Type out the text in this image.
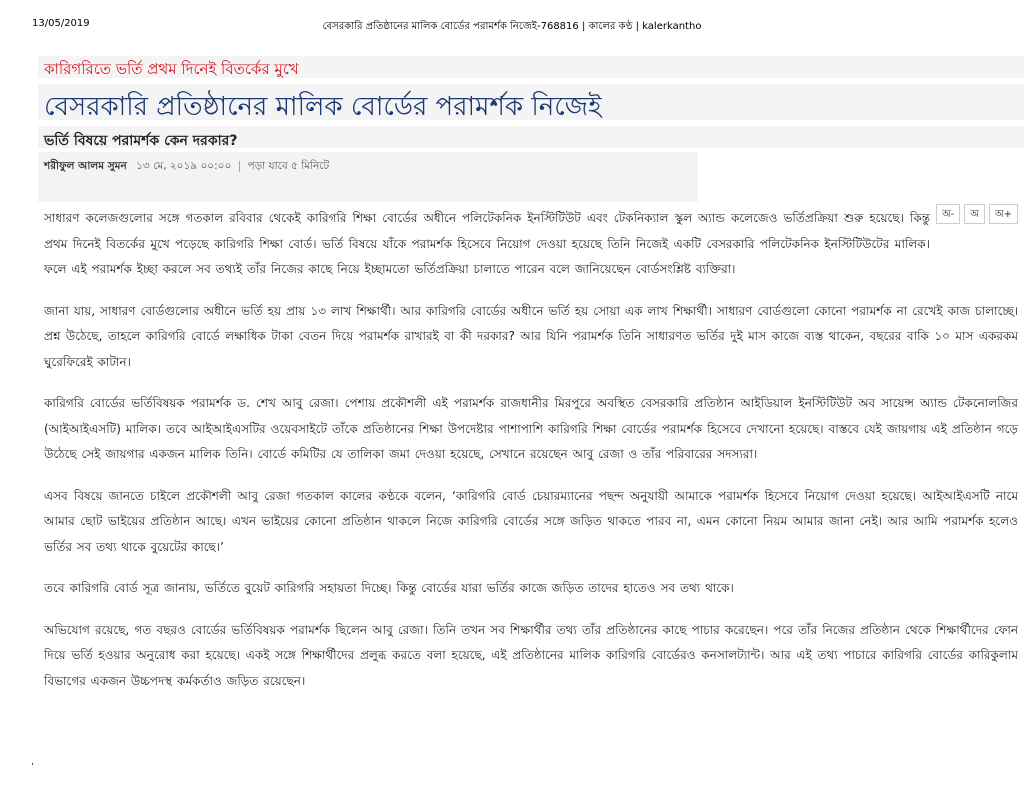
13/05/2019	বেসরকারি প্রতিষ্ঠানের মালিক বোর্ডের পরামর্শক নিজেই-768816 | কালের কণ্ঠ | kalerkantho
কারিগরিতে ভর্তি প্রথম দিনেই বিতর্কের মুখে
বেসরকারি প্রতিষ্ঠানের মালিক বোর্ডের পরামর্শক নিজেই
ভর্তি বিষয়ে পরামর্শক কেন দরকার?
শরীফুল আলম সুমন ১৩ মে, ২০১৯ ০০:০০ | পড়া যাবে ৫ মিনিটে
অ-	অ	অ+

সাধারণ কলেজগুলোর সঙ্গে গতকাল রবিবার থেকেই কারিগরি শিক্ষা বোর্ডের অধীনে পলিটেকনিক ইনস্টিটিউট এবং টেকনিক্যাল স্কুল অ্যান্ড কলেজেও ভর্তিপ্রক্রিয়া শুরু হয়েছে। কিন্তু প্রথম দিনেই বিতর্কের মুখে পড়েছে কারিগরি শিক্ষা বোর্ড। ভর্তি বিষয়ে যাঁকে পরামর্শক হিসেবে নিয়োগ দেওয়া হয়েছে তিনি নিজেই একটি বেসরকারি পলিটেকনিক ইনস্টিটিউটের মালিক। ফলে এই পরামর্শক ইচ্ছা করলে সব তথ্যই তাঁর নিজের কাছে নিয়ে ইচ্ছামতো ভর্তিপ্রক্রিয়া চালাতে পারেন বলে জানিয়েছেন বোর্ডসংশ্লিষ্ট ব্যক্তিরা।

জানা যায়, সাধারণ বোর্ডগুলোর অধীনে ভর্তি হয় প্রায় ১৩ লাখ শিক্ষার্থী। আর কারিগরি বোর্ডের অধীনে ভর্তি হয় সোয়া এক লাখ শিক্ষার্থী। সাধারণ বোর্ডগুলো কোনো পরামর্শক না রেখেই কাজ চালাচ্ছে। প্রশ্ন উঠেছে, তাহলে কারিগরি বোর্ডে লক্ষাধিক টাকা বেতন দিয়ে পরামর্শক রাখারই বা কী দরকার? আর যিনি পরামর্শক তিনি সাধারণত ভর্তির দুই মাস কাজে ব্যস্ত থাকেন, বছরের বাকি ১০ মাস একরকম ঘুরেফিরেই কাটান।

কারিগরি বোর্ডের ভর্তিবিষয়ক পরামর্শক ড. শেখ আবু রেজা। পেশায় প্রকৌশলী এই পরামর্শক রাজধানীর মিরপুরে অবস্থিত বেসরকারি প্রতিষ্ঠান আইডিয়াল ইনস্টিটিউট অব সায়েন্স অ্যান্ড টেকনোলজির (আইআইএসটি) মালিক। তবে আইআইএসটির ওয়েবসাইটে তাঁকে প্রতিষ্ঠানের শিক্ষা উপদেষ্টার পাশাপাশি কারিগরি শিক্ষা বোর্ডের পরামর্শক হিসেবে দেখানো হয়েছে। বাস্তবে যেই জায়গায় এই প্রতিষ্ঠান গড়ে উঠেছে সেই জায়গার একজন মালিক তিনি। বোর্ডে কমিটির যে তালিকা জমা দেওয়া হয়েছে, সেখানে রয়েছেন আবু রেজা ও তাঁর পরিবারের সদস্যরা।

এসব বিষয়ে জানতে চাইলে প্রকৌশলী আবু রেজা গতকাল কালের কণ্ঠকে বলেন, ‘কারিগরি বোর্ড চেয়ারম্যানের পছন্দ অনুযায়ী আমাকে পরামর্শক হিসেবে নিয়োগ দেওয়া হয়েছে। আইআইএসটি নামে আমার ছোট ভাইয়ের প্রতিষ্ঠান আছে। এখন ভাইয়ের কোনো প্রতিষ্ঠান থাকলে নিজে কারিগরি বোর্ডের সঙ্গে জড়িত থাকতে পারব না, এমন কোনো নিয়ম আমার জানা নেই। আর আমি পরামর্শক হলেও ভর্তির সব তথ্য থাকে বুয়েটের কাছে।’

তবে কারিগরি বোর্ড সূত্র জানায়, ভর্তিতে বুয়েট কারিগরি সহায়তা দিচ্ছে। কিন্তু বোর্ডের যারা ভর্তির কাজে জড়িত তাদের হাতেও সব তথ্য থাকে।

অভিযোগ রয়েছে, গত বছরও বোর্ডের ভর্তিবিষয়ক পরামর্শক ছিলেন আবু রেজা। তিনি তখন সব শিক্ষার্থীর তথ্য তাঁর প্রতিষ্ঠানের কাছে পাচার করেছেন। পরে তাঁর নিজের প্রতিষ্ঠান থেকে শিক্ষার্থীদের ফোন দিয়ে ভর্তি হওয়ার অনুরোধ করা হয়েছে। একই সঙ্গে শিক্ষার্থীদের প্রলুব্ধ করতে বলা হয়েছে, এই প্রতিষ্ঠানের মালিক কারিগরি বোর্ডেরও কনসালট্যান্ট। আর এই তথ্য পাচারে কারিগরি বোর্ডের কারিকুলাম বিভাগের একজন উচ্চপদস্থ কর্মকর্তাও জড়িত রয়েছেন।

ʻ
